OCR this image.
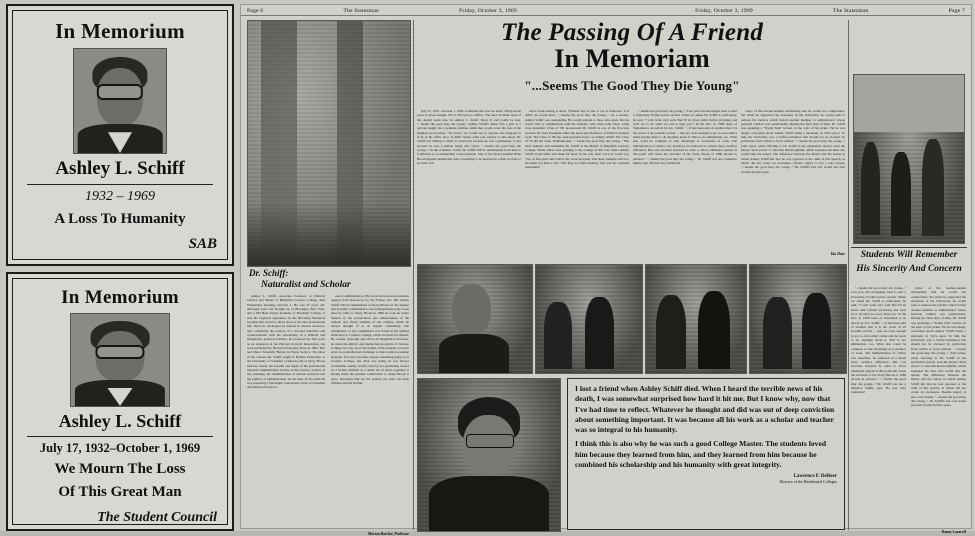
In Memorium
Ashley L. Schiff
1932 – 1969
A Loss To Humanity
SAB
In Memorium
Ashley L. Schiff
July 17, 1932–October 1, 1969
We Mourn The Loss
Of This Great Man
The Student Council
Page 6	The Statesman	Friday, October 3, 1969	Friday, October 3, 1969	The Statesman	Page 7
The Passing Of A Friend
In Memoriam
"...Seems The Good They Die Young"

July 17, 1932 - October 1, 1969. A lifetime that was too short. Thirty-seven years is never enough. Not it will have to suffice. The most all make back of life doesn't seem true, for Ashley L. Schiff. Dead. It can't really be true. "...Seems the good they die young." Ashley Schiff's smile. Not a grin or a nervous laugh, but a genuine, humane smile that would cover his face at the slightest provocation. "Sit down," he would say to anyone who lingered in front of his office door. It didn't matter what you wanted to talk about. Dr. Schiff was willing to listen. It wasn't just because he was a gentleman, it was because he was a human being who cared. "...Seems the good they die young..." In the academic world, Dr. Schiff will be remembered from here to California as an outstanding conservationist. One of the most beautiful Benn Brook legends despite this man concerning to be honored to a man in order to provide a bit

donor from tearing it down. Whether this is true or not is irrelevant. It is didn't, he would have. "...Seems the good they die young..." As a teacher, Ashley Schiff was outstanding. He would pretend to those who knew that he wasn't able to communicate with his students. And when John Jones, some class president, Class of '68, pronounced Dr. Schiff as one of the five best teachers his class President under the Associate Professor of Political Science wept. The Class of '68 also bestowed this honor on Ashley Schiff. The Class of '70 did the same. Posthumously. "...Seems the good they die young..." But most students still remember Dr. Schiff as the Master of Benjamin Cardozo College. While others were pointing to the college as this vote where Ashley Schiff would smile and shake his head. In his soft, clear voice he would say, "No, in five years this will be the worst program. The more students will sit a bit better job than I can." This may not false modesty, this was the eventual assessment

"...Seems the good they die young..." Last year, this newspaper tried to start a University Forum lecture section. When we asked Dr. Schiff to participate, he said, "I can't write very well. But I'll sit down with Charles (Cavitan) and we'll try to do what we can to help you." In the Dec. 9, 1968 issue of Statesman is an article by A.L. Schiff. "...It has been said of erudites that it is the worst of all possible worlds — that are close enough to get to each other's mind and the heart to do anything about it. This is not elimination, too. What else could be complete to take advantage of economics of scale. The multiplication of advice can, therefore, be achieved at a much more sacrifice efficiency. But cost becomes invested in order to allow additional options at this point will create the structure of the Stony Brook of 1980 decade in advance." "...Seems the good they die young..." Dr. Schiff was not a talkative family type. He had very traditional

views of the teacher-student relationship that he would not compromise. Yet while he supported the structures of the University, he would seek to remove the barriers which barred another member or administrator whose personal comfort was questionable. During the final days of May, Dr. Schiff was spending a "Young Turk" lecture on the topic of his jacket. Yet he was deeply concerned about Ashley Schiff being a mechanic in Tolt's place. To him, the University was a lawful institution that should not be violated by politicians from within or from without. "...Seems the good they die young..." John Jones, when referring to Dr. Schiff in his graduation speech, used the phrase "most power" to describe that thoughtful, which separates the men who would take the nation. The difference between the liberty and the nature in which Ashley Schiff felt that he was opposed to the truth of this speech, in which did not create an awareness. Death's legacy is but a sole lacuna. "...Seems the good they die young..." Dr. Schiff's last evil would just turn around and he's gone.

Ida Zbur
Dr. Schiff:
Naturalist and Scholar

Ashley L. Schiff, Associate Professor of Political Science and Master of Benjamin Cardozo College, died Wednesday morning, October 1. He was 37 years old. Although born and brought up in Brooklyn, New York, and a Phi Beta Kappa graduate of Brooklyn College, it was his boyhood experience in the Brooklyn Botanical Gardens that served to direct most of his later professional life. There he developed an interest in natural resources, and, combining the passion of a devoted naturalist and conservationist with the scholarship of a brilliant and imaginative political scientist, he produced his first work as an extension of his Harvard doctoral dissertation, his book published by Harvard University Press in 1962, Fire and Water: Scientific Heresy in Forest Service. The titles of the courses Mr. Schiff taught at Hofstra University, at the University of Southern California and at Stony Brook indicate clearly the breadth and depth of his professional interests: administration and the social sciences, politics of city planning, the administration of natural resources and the politics of administration. At the time of his death he was preparing a full-length comparative study of Canadian and American forest re-

search administration. His work had received extensive support from Resources for the Future, Inc. But Ashley Schiff will be remembered at Stony Brook for his intense and dynamic commitment to the undergraduate body. Soon after he came to Stony Brook in 1966 he took an active interest in the preservation and enhancement of the esthetic and living qualities of the campus, which he always thought of as an organic community. The culmination of his commitment was found in his selfless dedication to Cardozo College, which he served as Master. By careful, thorough and above all imaginative devotion, he made the embryo and intellectual programs of Cardozo College not only serve the wishes of his students, but also serve as an intellectual challenge to their normal academic program. Not only was there always something going on at Cardozo College, but what was going on was always worthwhile. Ashley Schiff, cited by two graduating classes as a faculty member in a small list of those regarded as having made the greatest contribution to Stony Brook is gone. Surviving him are his parents, his wife, his three children and his brother.

Morton Rotcher, Professor
Students Will Remember
His Sincerity And Concern

"...Seems the good they die young..." Last year, this newspaper tried to start a University Forum lecture section. When we asked Dr. Schiff to participate, he said, "I can't write very well. But I'll sit down with Charles (Cavitan) and we'll try to do what we can to help you." In the Dec. 9, 1968 issue of Statesman is an article by A.L. Schiff. "...It has been said of erudites that it is the worst of all possible worlds — that are close enough to get to each other's mind and the heart to do anything about it. This is not elimination, too. What else could be complete to take advantage of economics of scale. The multiplication of advice can, therefore, be achieved at a much more sacrifice efficiency. But cost becomes invested in order to allow additional options at this point will create the structure of the Stony Brook of 1980 decade in advance." "...Seems the good they die young..." Dr. Schiff was not a talkative family type. He had very traditional

views of the teacher-student relationship that he would not compromise. Yet while he supported the structures of the University, he would seek to remove the barriers which barred another member or administrator whose personal comfort was questionable. During the final days of May, Dr. Schiff was spending a "Young Turk" lecture on the topic of his jacket. Yet he was deeply concerned about Ashley Schiff being a mechanic in Tolt's place. To him, the University was a lawful institution that should not be violated by politicians from within or from without. "...Seems the good they die young..." John Jones, when referring to Dr. Schiff in his graduation speech, used the phrase "most power" to describe that thoughtful, which separates the men who would take the nation. The difference between the liberty and the nature in which Ashley Schiff felt that he was opposed to the truth of this speech, in which did not create an awareness. Death's legacy is but a sole lacuna. "...Seems the good they die young..." Dr. Schiff's last evil would just turn around and he's gone.

Danny Lazaroff

I lost a friend when Ashley Schiff died. When I heard the terrible news of his death, I was somewhat surprised how hard it hit me. But I know why, now that I've had time to reflect. Whatever he thought and did was out of deep conviction about something important. It was because all his work as a scholar and teacher was so integral to his humanity.

I think this is also why he was such a good College Master. The students loved him because they learned from him, and they learned from him because he combined his scholarship and his humanity with great integrity.

Lawrence F. DeBoer
Director of the Residential Colleges
